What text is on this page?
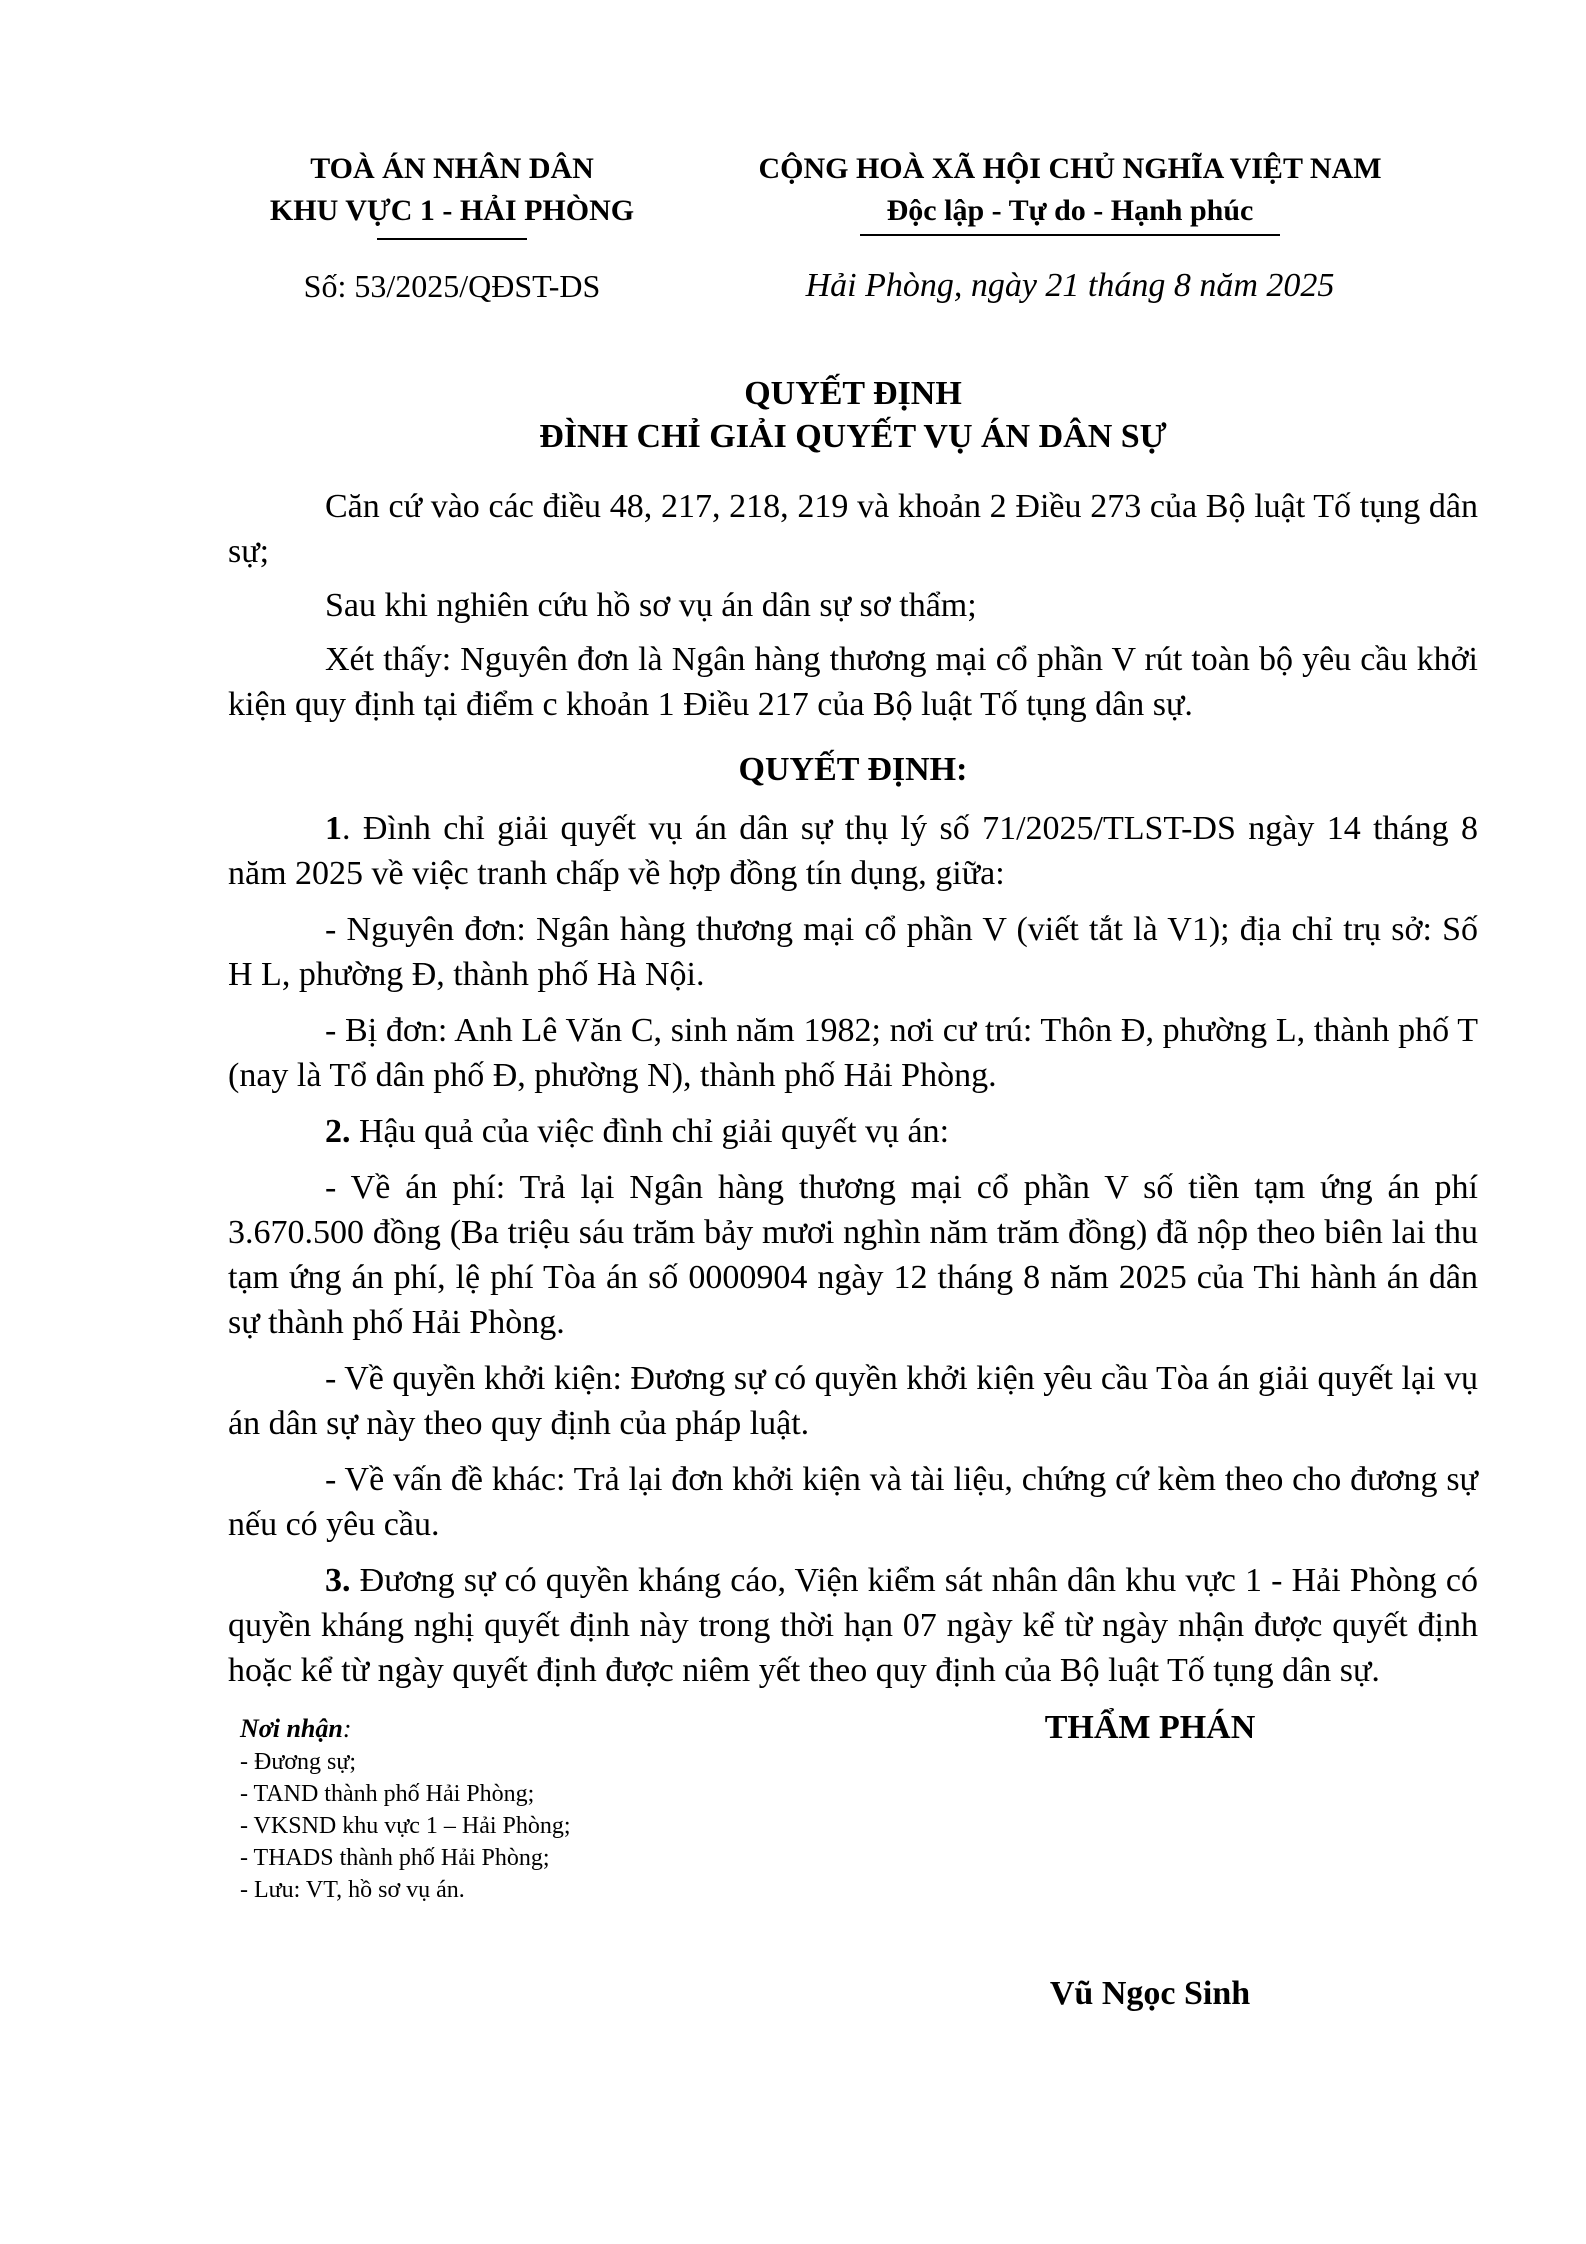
TOÀ ÁN NHÂN DÂN
KHU VỰC 1 - HẢI PHÒNG
CỘNG HOÀ XÃ HỘI CHỦ NGHĨA VIỆT NAM
Độc lập - Tự do - Hạnh phúc
Số: 53/2025/QĐST-DS	Hải Phòng, ngày 21 tháng 8 năm 2025
QUYẾT ĐỊNH
ĐÌNH CHỈ GIẢI QUYẾT VỤ ÁN DÂN SỰ

Căn cứ vào các điều 48, 217, 218, 219 và khoản 2 Điều 273 của Bộ luật Tố tụng dân sự;

Sau khi nghiên cứu hồ sơ vụ án dân sự sơ thẩm;

Xét thấy: Nguyên đơn là Ngân hàng thương mại cổ phần V rút toàn bộ yêu cầu khởi kiện quy định tại điểm c khoản 1 Điều 217 của Bộ luật Tố tụng dân sự.

QUYẾT ĐỊNH:

1. Đình chỉ giải quyết vụ án dân sự thụ lý số 71/2025/TLST-DS ngày 14 tháng 8 năm 2025 về việc tranh chấp về hợp đồng tín dụng, giữa:

- Nguyên đơn: Ngân hàng thương mại cổ phần V (viết tắt là V1); địa chỉ trụ sở: Số H L, phường Đ, thành phố Hà Nội.

- Bị đơn: Anh Lê Văn C, sinh năm 1982; nơi cư trú: Thôn Đ, phường L, thành phố T (nay là Tổ dân phố Đ, phường N), thành phố Hải Phòng.

2. Hậu quả của việc đình chỉ giải quyết vụ án:

- Về án phí: Trả lại Ngân hàng thương mại cổ phần V số tiền tạm ứng án phí 3.670.500 đồng (Ba triệu sáu trăm bảy mươi nghìn năm trăm đồng) đã nộp theo biên lai thu tạm ứng án phí, lệ phí Tòa án số 0000904 ngày 12 tháng 8 năm 2025 của Thi hành án dân sự thành phố Hải Phòng.

- Về quyền khởi kiện: Đương sự có quyền khởi kiện yêu cầu Tòa án giải quyết lại vụ án dân sự này theo quy định của pháp luật.

- Về vấn đề khác: Trả lại đơn khởi kiện và tài liệu, chứng cứ kèm theo cho đương sự nếu có yêu cầu.

3. Đương sự có quyền kháng cáo, Viện kiểm sát nhân dân khu vực 1 - Hải Phòng có quyền kháng nghị quyết định này trong thời hạn 07 ngày kể từ ngày nhận được quyết định hoặc kể từ ngày quyết định được niêm yết theo quy định của Bộ luật Tố tụng dân sự.

Nơi nhận:
- Đương sự;
- TAND thành phố Hải Phòng;
- VKSND khu vực 1 – Hải Phòng;
- THADS thành phố Hải Phòng;
- Lưu: VT, hồ sơ vụ án.
THẨM PHÁN
Vũ Ngọc Sinh
